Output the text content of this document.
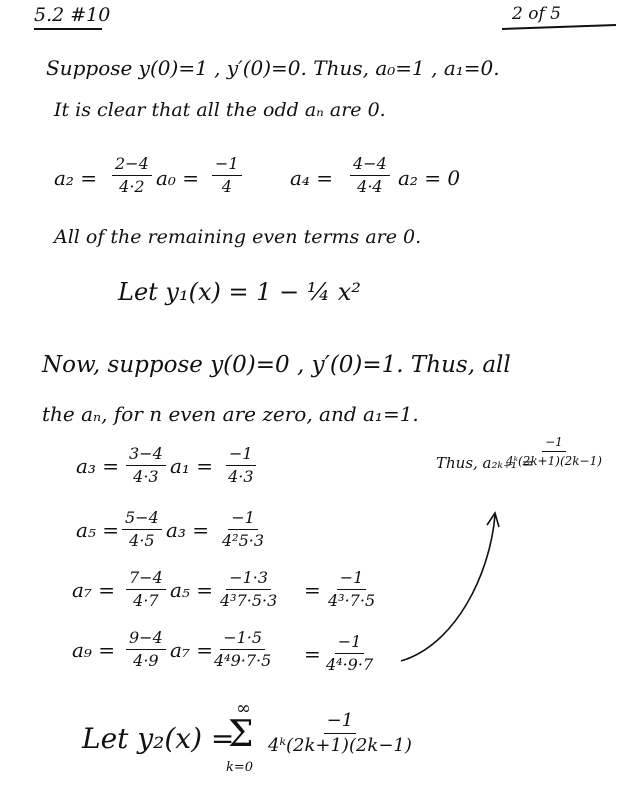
5.2 #10	2 of 5
Suppose y(0)=1 , y′(0)=0. Thus, a₀=1 , a₁=0.
It is clear that all the odd aₙ are 0.
$a_2 = \frac{2-4}{4\cdot 2} a_0 = \frac{-1}{4} a_4 = \frac{4-4}{4\cdot 4} a_2 = 0$
All of the remaining even terms are 0.
Let y₁(x) = 1 − ¼ x²
Now, suppose y(0)=0 , y′(0)=1. Thus, all
the aₙ, for n even are zero, and a₁=1.
$a_3 = \frac{3-4}{4\cdot 3} a_1 = \frac{-1}{4\cdot 3}$	Thus, a₂ₖ₊₁ =
$\frac{-1}{\text{4ᵏ(2k+1)(2k−1)}}$
$a_5 = \frac{5-4}{4\cdot 5} a_3 = \frac{-1}{\text{4²5·3}}$
$a_7 = \frac{7-4}{4\cdot 7} a_5 = \frac{-1\cdot 3}{\text{4³7·5·3}} = \frac{-1}{\text{4³·7·5}}$
$a_9 = \frac{9-4}{4\cdot 9} a_7 = \frac{-1\cdot 5}{\text{4⁴9·7·5}} = \frac{-1}{\text{4⁴·9·7}}$
Let y₂(x) =
∞
Σ
k=0
$\frac{-1}{\text{4ᵏ(2k+1)(2k−1)}}$
